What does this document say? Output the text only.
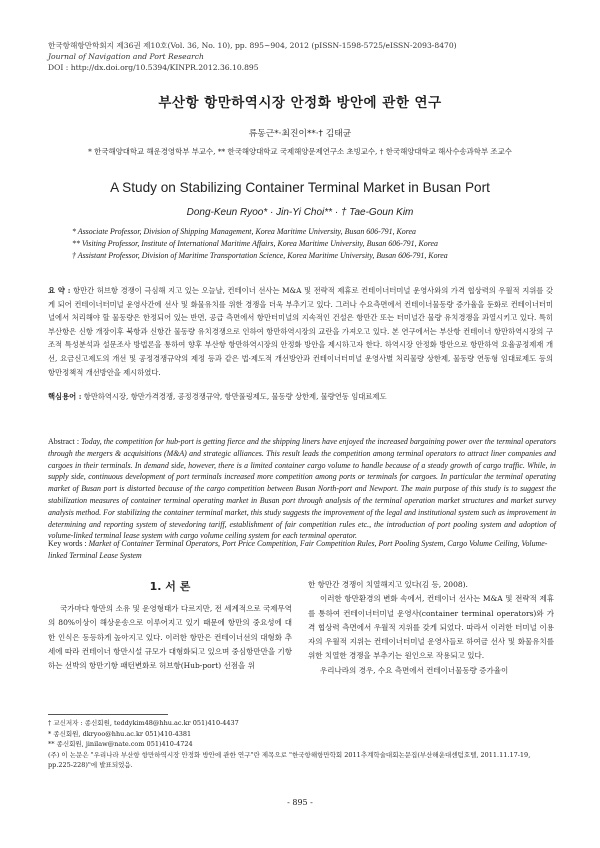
한국항해항만학회지 제36권 제10호(Vol. 36, No. 10), pp. 895~904, 2012 (pISSN-1598-5725/eISSN-2093-8470)
Journal of Navigation and Port Research
DOI : http://dx.doi.org/10.5394/KINPR.2012.36.10.895
부산항 항만하역시장 안정화 방안에 관한 연구
류동근*·최진이**·† 김태균
* 한국해양대학교 해운경영학부 부교수, ** 한국해양대학교 국제해양문제연구소 초빙교수, † 한국해양대학교 해사수송과학부 조교수
A Study on Stabilizing Container Terminal Market in Busan Port
Dong-Keun Ryoo* · Jin-Yi Choi** · † Tae-Goun Kim
* Associate Professor, Division of Shipping Management, Korea Maritime University, Busan 606-791, Korea
** Visiting Professor, Institute of International Maritime Affairs, Korea Maritime University, Busan 606-791, Korea
† Assistant Professor, Division of Maritime Transportation Science, Korea Maritime University, Busan 606-791, Korea
요 약 : 항만간 허브항 경쟁이 극심해 지고 있는 오늘날, 컨테이너 선사는 M&A 및 전략적 제휴로 컨테이너터미널 운영사와의 가격 협상력의 우월적 지위를 갖게 되어 컨테이너터미널 운영사간에 선사 및 화물유치를 위한 경쟁을 더욱 부추기고 있다. 그러나 수요측면에서 컨테이너물동량 증가율을 둔화로 컨테이너터미널에서 처리해야 할 물동량은 한정되어 있는 반면, 공급 측면에서 항만터미널의 지속적인 건설은 항만간 또는 터미널간 물량 유치경쟁을 과열시키고 있다. 특히 부산항은 신항 개장이후 북항과 신항간 물동량 유치경쟁으로 인하여 항만하역시장의 교란을 가져오고 있다. 본 연구에서는 부산항 컨테이너 항만하역시장의 구조적 특성분석과 설문조사 방법론을 통하여 향후 부산항 항만하역시장의 안정화 방안을 제시하고자 한다. 하역시장 안정화 방안으로 항만하역 요율공정제재 개선, 요금신고제도의 개선 및 공정경쟁규약의 제정 등과 같은 법·제도적 개선방안과 컨테이너터미널 운영사별 처리물량 상한제, 물동량 연동형 임대료제도 등의 항만정책적 개선방안을 제시하였다.
핵심용어 : 항만하역시장, 항만가격경쟁, 공정경쟁규약, 항만풀링제도, 물동량 상한제, 물량연동 임대료제도
Abstract : Today, the competition for hub-port is getting fierce and the shipping liners have enjoyed the increased bargaining power over the terminal operators through the mergers & acquisitions (M&A) and strategic alliances. This result leads the competition among terminal operators to attract liner companies and cargoes in their terminals. In demand side, however, there is a limited container cargo volume to handle because of a steady growth of cargo traffic. While, in supply side, continuous development of port terminals increased more competition among ports or terminals for cargoes. In particular the terminal operating market of Busan port is distorted because of the cargo competition between Busan North-port and Newport. The main purpose of this study is to suggest the stabilization measures of container terminal operating market in Busan port through analysis of the terminal operation market structures and market survey analysis method. For stabilizing the container terminal market, this study suggests the improvement of the legal and institutional system such as improvement in determining and reporting system of stevedoring tariff, establishment of fair competition rules etc., the introduction of port pooling system and adoption of volume-linked terminal lease system with cargo volume ceiling system for each terminal operator.
Key words : Market of Container Terminal Operators, Port Price Competition, Fair Competition Rules, Port Pooling System, Cargo Volume Ceiling, Volume-linked Terminal Lease System
1. 서 론

국가마다 항만의 소유 및 운영형태가 다르지만, 전 세계적으로 국제무역의 80%이상이 해상운송으로 이루어지고 있기 때문에 항만의 중요성에 대한 인식은 동등하게 높아지고 있다. 이러한 항만은 컨테이너선의 대형화 추세에 따라 컨테이너 항만시설 규모가 대형화되고 있으며 중심항만만을 기항하는 선박의 항만기항 패턴변화로 허브항(Hub-port) 선점을 위

한 항만간 경쟁이 치열해지고 있다(김 등, 2008).

이러한 항만환경의 변화 속에서, 컨테이너 선사는 M&A 및 전략적 제휴를 통하여 컨테이너터미널 운영사(container terminal operators)와 가격 협상력 측면에서 우월적 지위를 갖게 되었다. 따라서 이러한 터미널 이용자의 우월적 지위는 컨테이너터미널 운영사들로 하여금 선사 및 화물유치를 위한 치열한 경쟁을 부추기는 원인으로 작용되고 있다.

우리나라의 경우, 수요 측면에서 컨테이너물동량 증가율이

† 교신저자 : 종신회원, teddykim48@hhu.ac.kr 051)410-4437
* 종신회원, dkryoo@hhu.ac.kr 051)410-4381
** 종신회원, jinilaw@nate.com 051)410-4724
(주) 이 논문은 "우리나라 부산항 항만하역시장 안정화 방안에 관한 연구"란 제목으로 "한국항해항만학회 2011추계학술대회논문집(부산해운대센텀호텔, 2011.11.17-19, pp.225-228)"에 발표되었음.
- 895 -
